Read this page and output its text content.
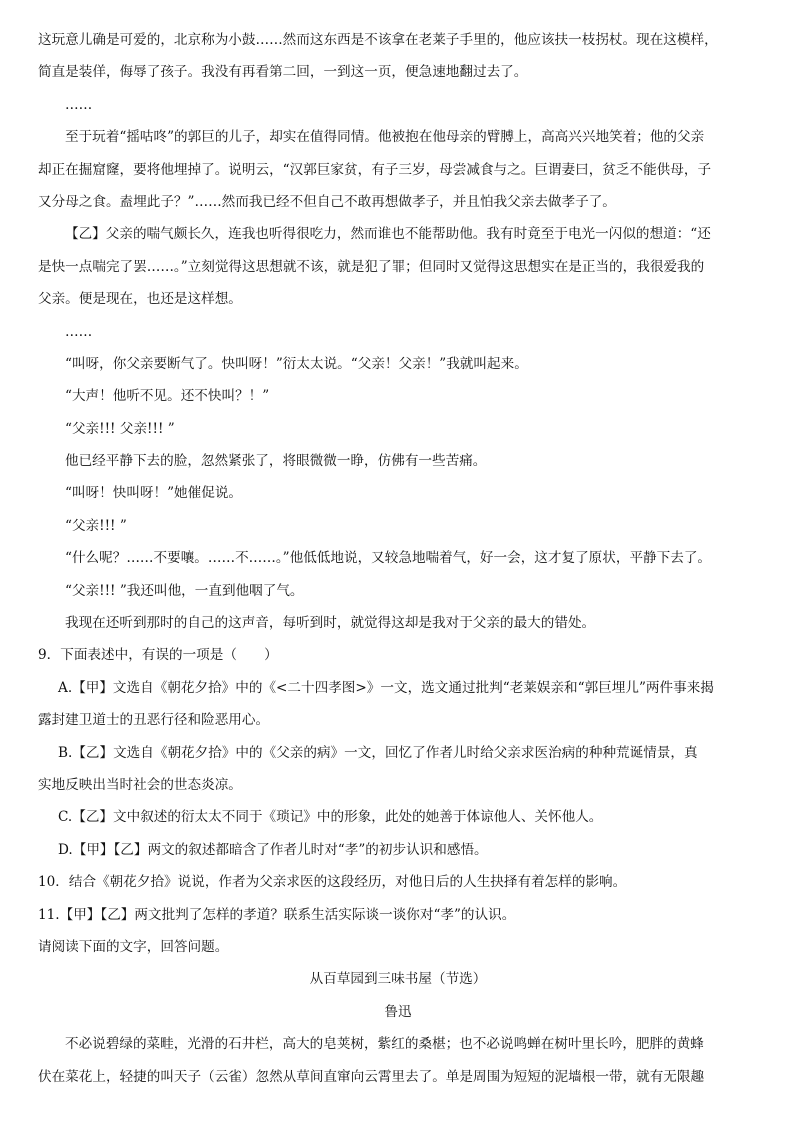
这玩意儿确是可爱的，北京称为小鼓……然而这东西是不该拿在老莱子手里的，他应该扶一枝拐杖。现在这模样，
简直是装佯，侮辱了孩子。我没有再看第二回，一到这一页，便急速地翻过去了。
……
至于玩着“摇咕咚”的郭巨的儿子，却实在值得同情。他被抱在他母亲的臂膊上，高高兴兴地笑着；他的父亲
却正在掘窟窿，要将他埋掉了。说明云，“汉郭巨家贫，有子三岁，母尝减食与之。巨谓妻曰，贫乏不能供母，子
又分母之食。盍埋此子？”……然而我已经不但自己不敢再想做孝子，并且怕我父亲去做孝子了。
【乙】父亲的喘气颇长久，连我也听得很吃力，然而谁也不能帮助他。我有时竟至于电光一闪似的想道：“还
是快一点喘完了罢……。”立刻觉得这思想就不该，就是犯了罪；但同时又觉得这思想实在是正当的，我很爱我的
父亲。便是现在，也还是这样想。
……
“叫呀，你父亲要断气了。快叫呀！”衍太太说。“父亲！父亲！”我就叫起来。
“大声！他听不见。还不快叫？！”
“父亲!!! 父亲!!! ”
他已经平静下去的脸，忽然紧张了，将眼微微一睁，仿佛有一些苦痛。
“叫呀！快叫呀！”她催促说。
“父亲!!! ”
“什么呢？……不要嚷。……不……。”他低低地说，又较急地喘着气，好一会，这才复了原状，平静下去了。
“父亲!!! ”我还叫他，一直到他咽了气。
我现在还听到那时的自己的这声音，每听到时，就觉得这却是我对于父亲的最大的错处。
9．下面表述中，有误的一项是（　　）
A.【甲】文选自《朝花夕拾》中的《<二十四孝图>》一文，选文通过批判“老莱娱亲和“郭巨埋儿”两件事来揭
露封建卫道士的丑恶行径和险恶用心。
B.【乙】文选自《朝花夕拾》中的《父亲的病》一文，回忆了作者儿时给父亲求医治病的种种荒诞情景，真
实地反映出当时社会的世态炎凉。
C.【乙】文中叙述的衍太太不同于《琐记》中的形象，此处的她善于体谅他人、关怀他人。
D.【甲】【乙】两文的叙述都暗含了作者儿时对“孝”的初步认识和感悟。
10．结合《朝花夕拾》说说，作者为父亲求医的这段经历，对他日后的人生抉择有着怎样的影响。
11.【甲】【乙】两文批判了怎样的孝道？联系生活实际谈一谈你对“孝”的认识。
请阅读下面的文字，回答问题。
从百草园到三味书屋（节选）
鲁迅
不必说碧绿的菜畦，光滑的石井栏，高大的皂荚树，紫红的桑椹；也不必说鸣蝉在树叶里长吟，肥胖的黄蜂
伏在菜花上，轻捷的叫天子（云雀）忽然从草间直窜向云霄里去了。单是周围为短短的泥墙根一带，就有无限趣
